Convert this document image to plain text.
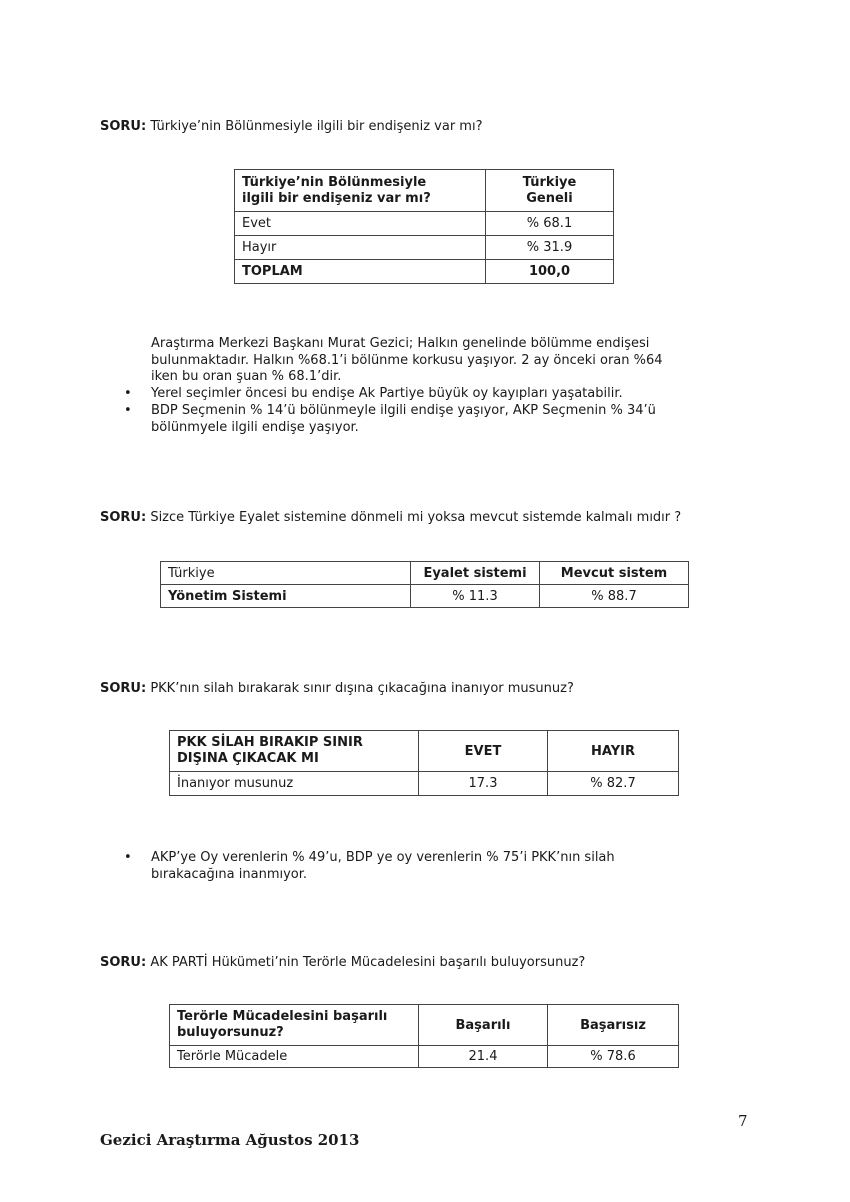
SORU: Türkiye’nin Bölünmesiyle ilgili bir endişeniz var mı?
Türkiye’nin Bölünmesiyle
ilgili bir endişeniz var mı?	Türkiye
Geneli
Evet	% 68.1
Hayır	% 31.9
TOPLAM	100,0
Araştırma Merkezi Başkanı Murat Gezici; Halkın genelinde bölümme endişesi
bulunmaktadır. Halkın %68.1’i bölünme korkusu yaşıyor. 2 ay önceki oran %64
iken bu oran şuan % 68.1’dir.
• Yerel seçimler öncesi bu endişe Ak Partiye büyük oy kayıpları yaşatabilir.
• BDP Seçmenin % 14’ü bölünmeyle ilgili endişe yaşıyor, AKP Seçmenin % 34’ü
bölünmyele ilgili endişe yaşıyor.
SORU: Sizce Türkiye Eyalet sistemine dönmeli mi yoksa mevcut sistemde kalmalı mıdır ?
Türkiye	Eyalet sistemi	Mevcut sistem
Yönetim Sistemi	% 11.3	% 88.7
SORU: PKK’nın silah bırakarak sınır dışına çıkacağına inanıyor musunuz?
PKK SİLAH BIRAKIP SINIR
DIŞINA ÇIKACAK MI	EVET	HAYIR
İnanıyor musunuz	17.3	% 82.7
• AKP’ye Oy verenlerin % 49’u, BDP ye oy verenlerin % 75’i PKK’nın silah
bırakacağına inanmıyor.
SORU: AK PARTİ Hükümeti’nin Terörle Mücadelesini başarılı buluyorsunuz?
Terörle Mücadelesini başarılı
buluyorsunuz?	Başarılı	Başarısız
Terörle Mücadele	21.4	% 78.6
7
Gezici Araştırma Ağustos 2013
